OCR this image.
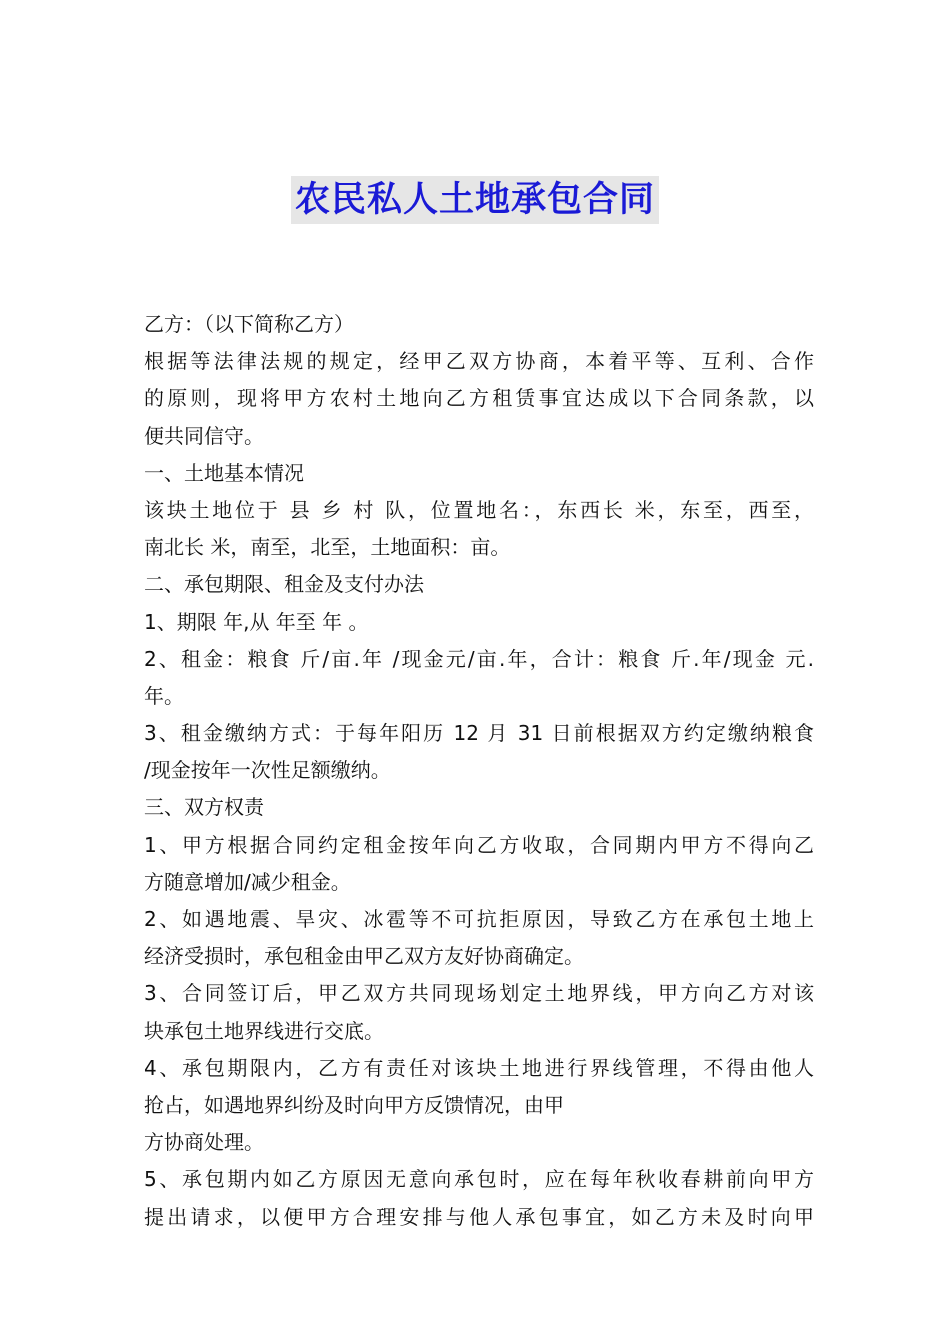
农民私人土地承包合同
乙方：（以下简称乙方）
根据等法律法规的规定，经甲乙双方协商，本着平等、互利、合作
的原则，现将甲方农村土地向乙方租赁事宜达成以下合同条款，以
便共同信守。
一、土地基本情况
该块土地位于 县 乡 村 队，位置地名：，东西长 米，东至，西至，
南北长 米，南至，北至，土地面积：亩。
二、承包期限、租金及支付办法
1、期限 年,从 年至 年 。
2、租金：粮食 斤/亩.年 /现金元/亩.年，合计：粮食 斤.年/现金 元.
年。
3、租金缴纳方式：于每年阳历 12 月 31 日前根据双方约定缴纳粮食
/现金按年一次性足额缴纳。
三、双方权责
1、甲方根据合同约定租金按年向乙方收取，合同期内甲方不得向乙
方随意增加/减少租金。
2、如遇地震、旱灾、冰雹等不可抗拒原因，导致乙方在承包土地上
经济受损时，承包租金由甲乙双方友好协商确定。
3、合同签订后，甲乙双方共同现场划定土地界线，甲方向乙方对该
块承包土地界线进行交底。
4、承包期限内，乙方有责任对该块土地进行界线管理，不得由他人
抢占，如遇地界纠纷及时向甲方反馈情况，由甲
方协商处理。
5、承包期内如乙方原因无意向承包时，应在每年秋收春耕前向甲方
提出请求，以便甲方合理安排与他人承包事宜，如乙方未及时向甲
